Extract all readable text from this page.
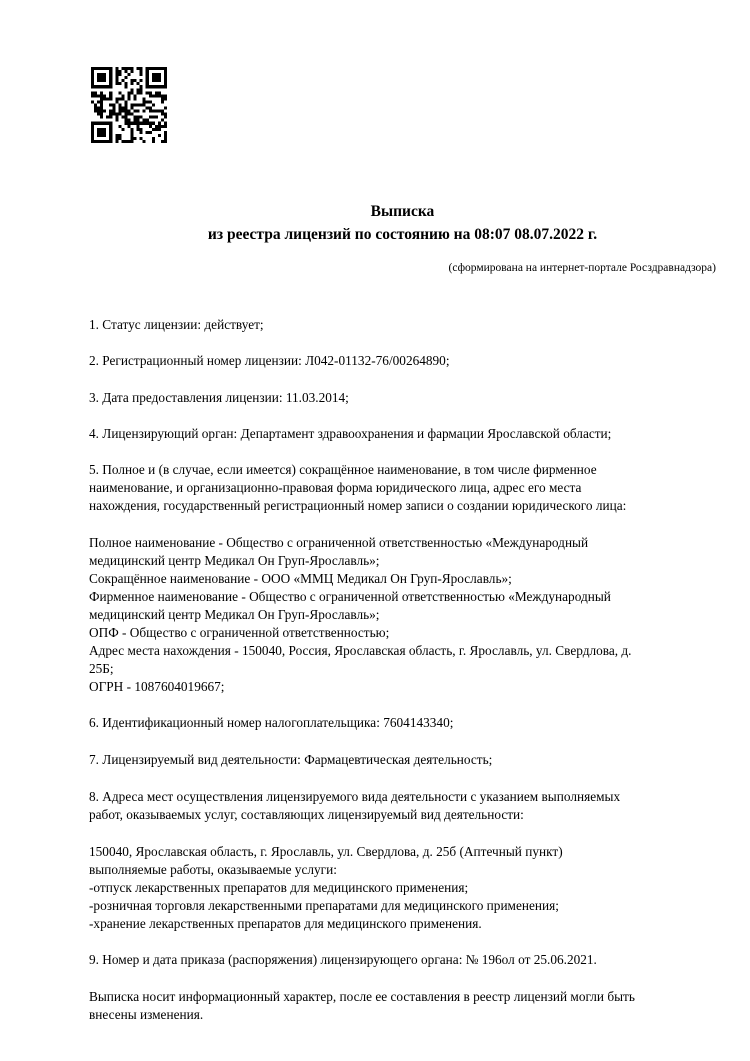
Выписка
из реестра лицензий по состоянию на 08:07 08.07.2022 г.
(сформирована на интернет-портале Росздравнадзора)
1. Статус лицензии: действует;
2. Регистрационный номер лицензии: Л042-01132-76/00264890;
3. Дата предоставления лицензии: 11.03.2014;
4. Лицензирующий орган: Департамент здравоохранения и фармации Ярославской области;
5. Полное и (в случае, если имеется) сокращённое наименование, в том числе фирменное
наименование, и организационно-правовая форма юридического лица, адрес его места
нахождения, государственный регистрационный номер записи о создании юридического лица:
Полное наименование - Общество с ограниченной ответственностью «Международный
медицинский центр Медикал Он Груп-Ярославль»;
Сокращённое наименование - ООО «ММЦ Медикал Он Груп-Ярославль»;
Фирменное наименование - Общество с ограниченной ответственностью «Международный
медицинский центр Медикал Он Груп-Ярославль»;
ОПФ - Общество с ограниченной ответственностью;
Адрес места нахождения - 150040, Россия, Ярославская область, г. Ярославль, ул. Свердлова, д.
25Б;
ОГРН - 1087604019667;
6. Идентификационный номер налогоплательщика: 7604143340;
7. Лицензируемый вид деятельности: Фармацевтическая деятельность;
8. Адреса мест осуществления лицензируемого вида деятельности с указанием выполняемых
работ, оказываемых услуг, составляющих лицензируемый вид деятельности:
150040, Ярославская область, г. Ярославль, ул. Свердлова, д. 25б (Аптечный пункт)
выполняемые работы, оказываемые услуги:
-отпуск лекарственных препаратов для медицинского применения;
-розничная торговля лекарственными препаратами для медицинского применения;
-хранение лекарственных препаратов для медицинского применения.
9. Номер и дата приказа (распоряжения) лицензирующего органа: № 196ол от 25.06.2021.
Выписка носит информационный характер, после ее составления в реестр лицензий могли быть
внесены изменения.
